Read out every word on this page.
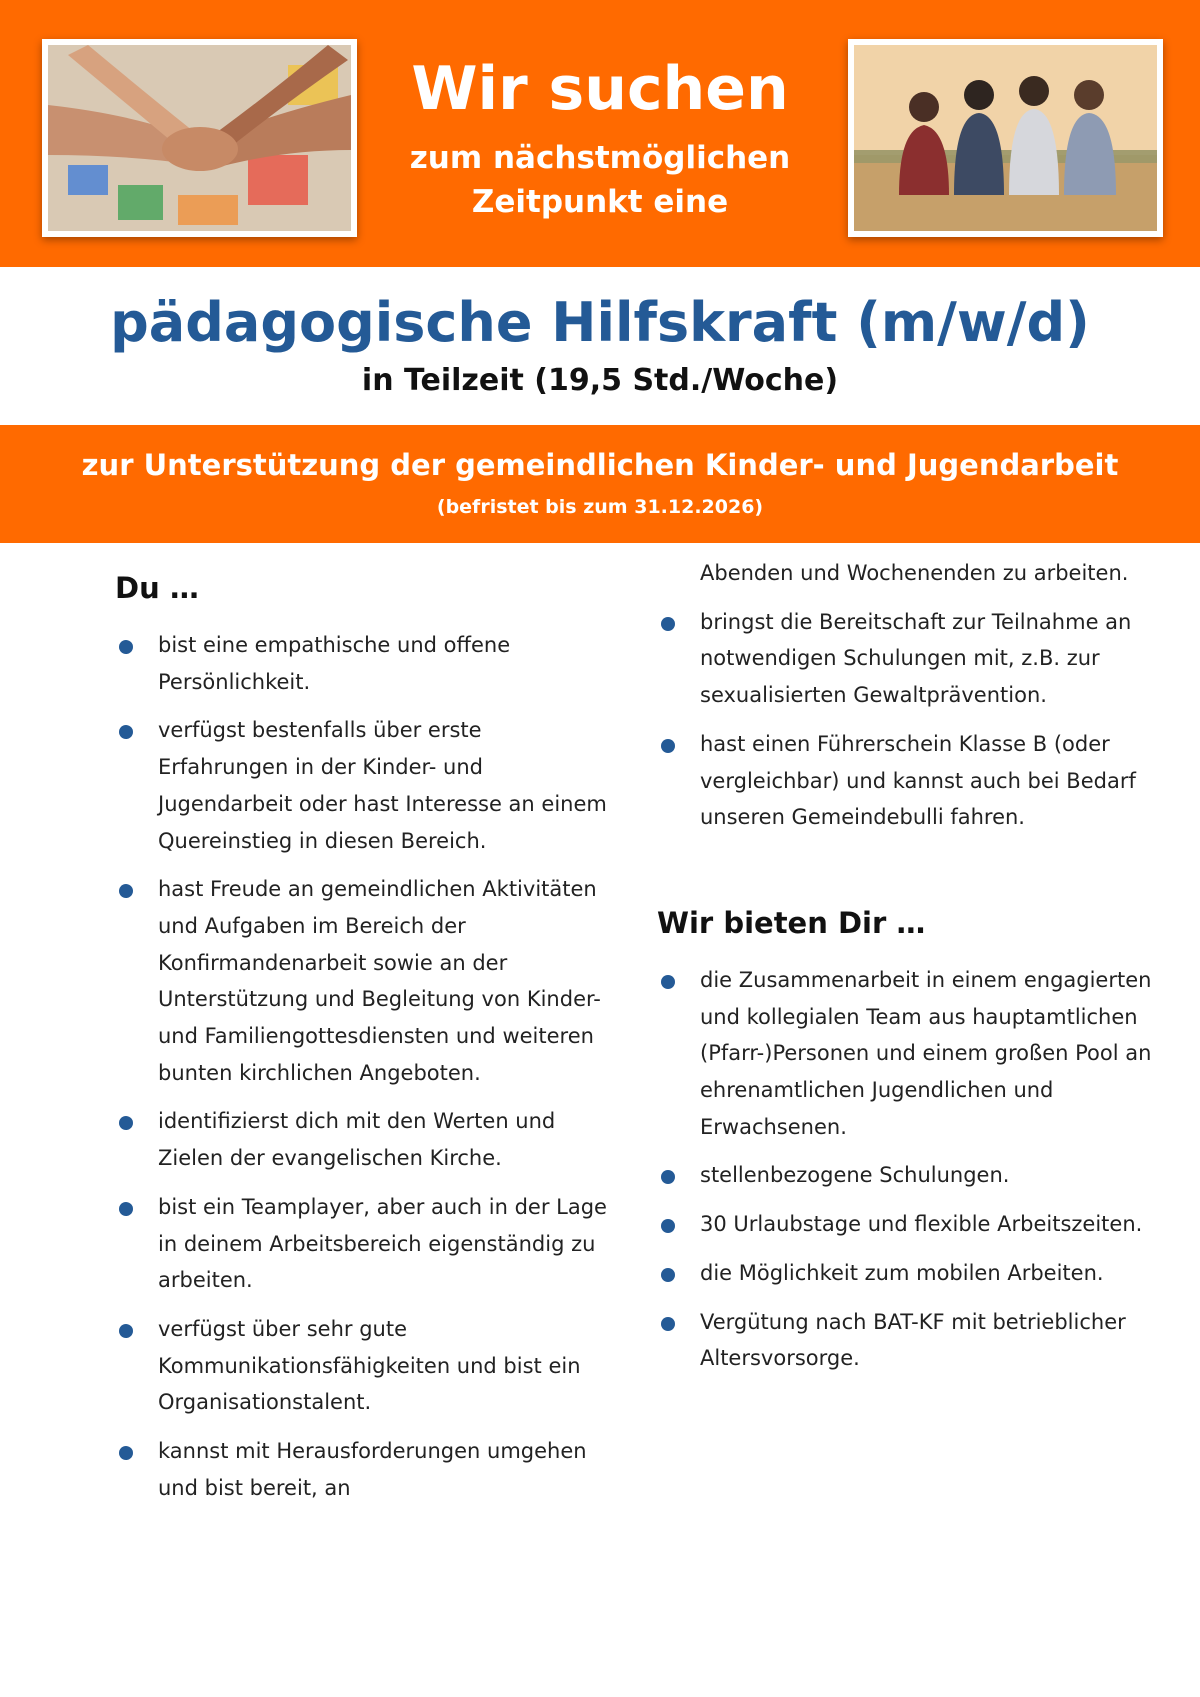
Wir suchen
zum nächstmöglichen
Zeitpunkt eine
pädagogische Hilfskraft (m/w/d)
in Teilzeit (19,5 Std./Woche)
zur Unterstützung der gemeindlichen Kinder- und Jugendarbeit
(befristet bis zum 31.12.2026)
Du …
bist eine empathische und offene Persönlichkeit.
verfügst bestenfalls über erste Erfahrungen in der Kinder- und Jugendarbeit oder hast Interesse an einem Quereinstieg in diesen Bereich.
hast Freude an gemeindlichen Aktivitäten und Aufgaben im Bereich der Konfirmandenarbeit sowie an der Unterstützung und Begleitung von Kinder- und Familiengottesdiensten und weiteren bunten kirchlichen Angeboten.
identifizierst dich mit den Werten und Zielen der evangelischen Kirche.
bist ein Teamplayer, aber auch in der Lage in deinem Arbeitsbereich eigenständig zu arbeiten.
verfügst über sehr gute Kommunikationsfähigkeiten und bist ein Organisationstalent.
kannst mit Herausforderungen umgehen und bist bereit, an
Abenden und Wochenenden zu arbeiten.
bringst die Bereitschaft zur Teilnahme an notwendigen Schulungen mit, z.B. zur sexualisierten Gewaltprävention.
hast einen Führerschein Klasse B (oder vergleichbar) und kannst auch bei Bedarf unseren Gemeindebulli fahren.
Wir bieten Dir …
die Zusammenarbeit in einem engagierten und kollegialen Team aus hauptamtlichen (Pfarr-)Personen und einem großen Pool an ehrenamtlichen Jugendlichen und Erwachsenen.
stellenbezogene Schulungen.
30 Urlaubstage und flexible Arbeitszeiten.
die Möglichkeit zum mobilen Arbeiten.
Vergütung nach BAT-KF mit betrieblicher Altersvorsorge.
